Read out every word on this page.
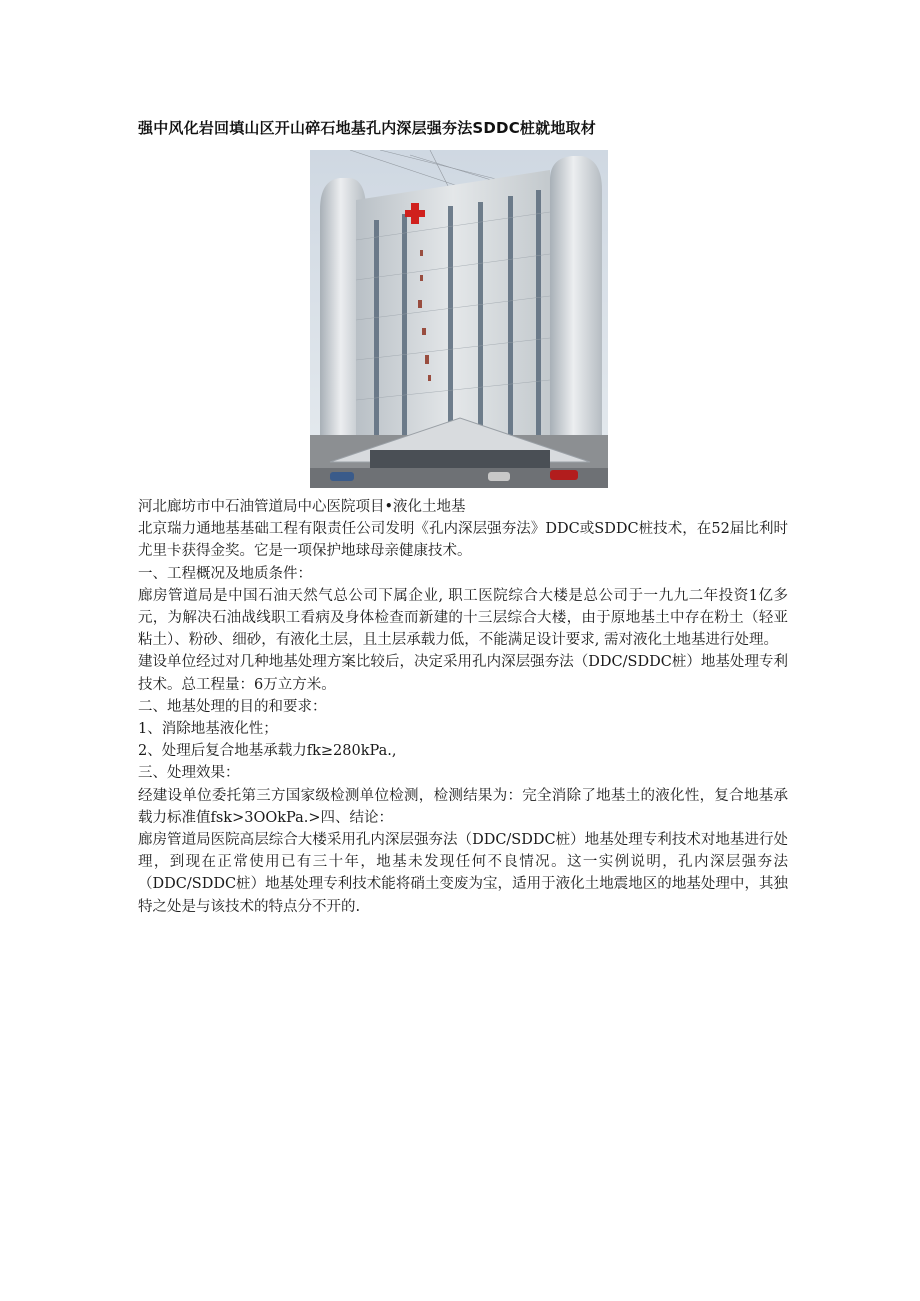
强中风化岩回填山区开山碎石地基孔内深层强夯法SDDC桩就地取材

河北廊坊市中石油管道局中心医院项目•液化土地基

北京瑞力通地基基础工程有限责任公司发明《孔内深层强夯法》DDC或SDDC桩技术，在52届比利时尤里卡获得金奖。它是一项保护地球母亲健康技术。

一、工程概况及地质条件：

廊房管道局是中国石油天然气总公司下属企业, 职工医院综合大楼是总公司于一九九二年投资1亿多元，为解决石油战线职工看病及身体检查而新建的十三层综合大楼，由于原地基土中存在粉土（轻亚粘土）、粉砂、细砂，有液化土层，且土层承载力低，不能满足设计要求, 需对液化土地基进行处理。

建设单位经过对几种地基处理方案比较后，决定采用孔内深层强夯法（DDC/SDDC桩）地基处理专利技术。总工程量：6万立方米。

二、地基处理的目的和要求：

1、消除地基液化性；

2、处理后复合地基承载力fk≥280kPa.,

三、处理效果：

经建设单位委托第三方国家级检测单位检测，检测结果为：完全消除了地基土的液化性，复合地基承载力标准值fsk>3OOkPa.>四、结论：

廊房管道局医院高层综合大楼采用孔内深层强夯法（DDC/SDDC桩）地基处理专利技术对地基进行处理，到现在正常使用已有三十年，地基未发现任何不良情况。这一实例说明，孔内深层强夯法（DDC/SDDC桩）地基处理专利技术能将硝土变废为宝，适用于液化土地震地区的地基处理中，其独特之处是与该技术的特点分不开的.
